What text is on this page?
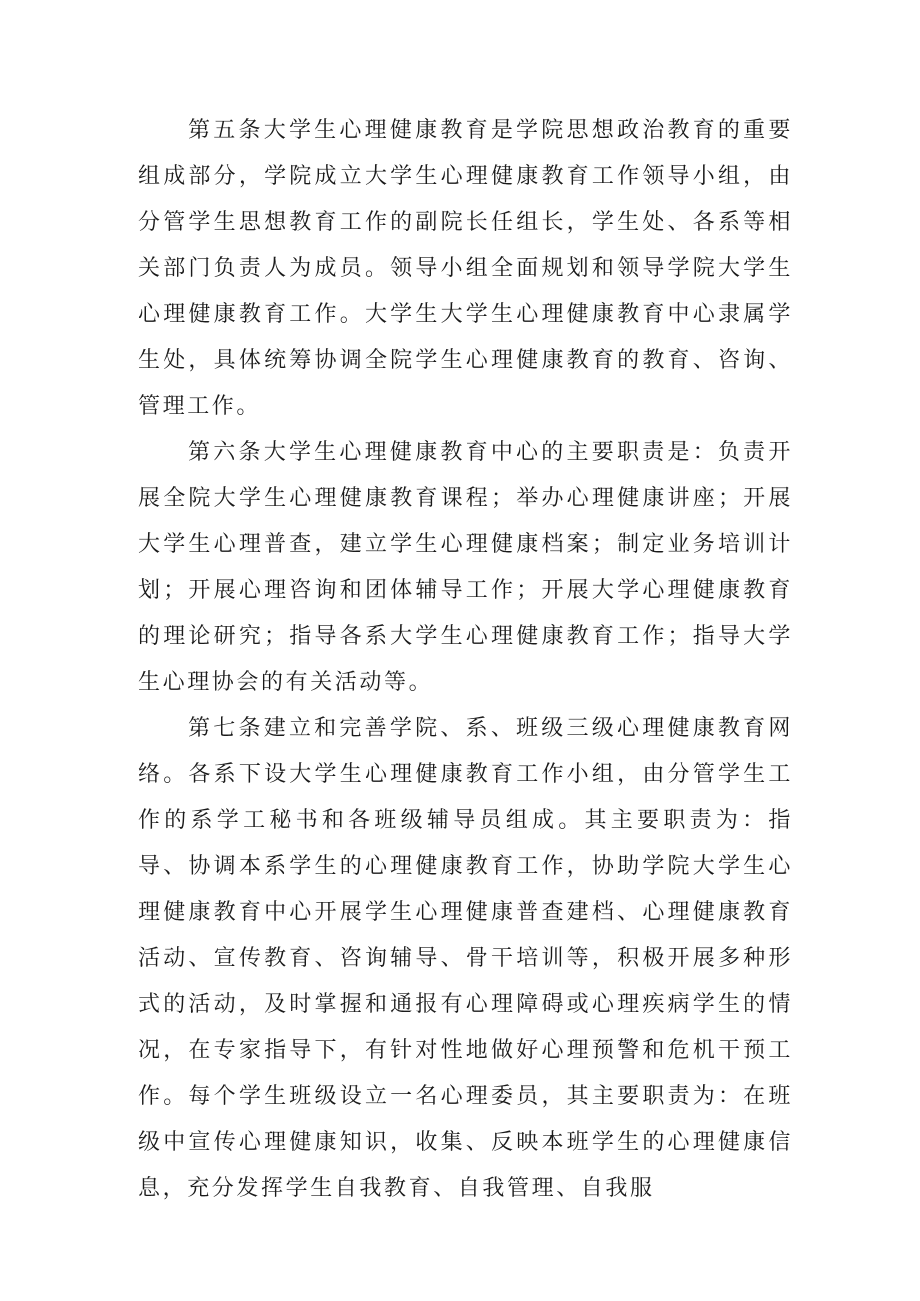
第五条大学生心理健康教育是学院思想政治教育的重要组成部分，学院成立大学生心理健康教育工作领导小组，由分管学生思想教育工作的副院长任组长，学生处、各系等相关部门负责人为成员。领导小组全面规划和领导学院大学生心理健康教育工作。大学生大学生心理健康教育中心隶属学生处，具体统筹协调全院学生心理健康教育的教育、咨询、管理工作。

第六条大学生心理健康教育中心的主要职责是：负责开展全院大学生心理健康教育课程；举办心理健康讲座；开展大学生心理普查，建立学生心理健康档案；制定业务培训计划；开展心理咨询和团体辅导工作；开展大学心理健康教育的理论研究；指导各系大学生心理健康教育工作；指导大学生心理协会的有关活动等。

第七条建立和完善学院、系、班级三级心理健康教育网络。各系下设大学生心理健康教育工作小组，由分管学生工作的系学工秘书和各班级辅导员组成。其主要职责为：指导、协调本系学生的心理健康教育工作，协助学院大学生心理健康教育中心开展学生心理健康普查建档、心理健康教育活动、宣传教育、咨询辅导、骨干培训等，积极开展多种形式的活动，及时掌握和通报有心理障碍或心理疾病学生的情况，在专家指导下，有针对性地做好心理预警和危机干预工作。每个学生班级设立一名心理委员，其主要职责为：在班级中宣传心理健康知识，收集、反映本班学生的心理健康信息，充分发挥学生自我教育、自我管理、自我服
